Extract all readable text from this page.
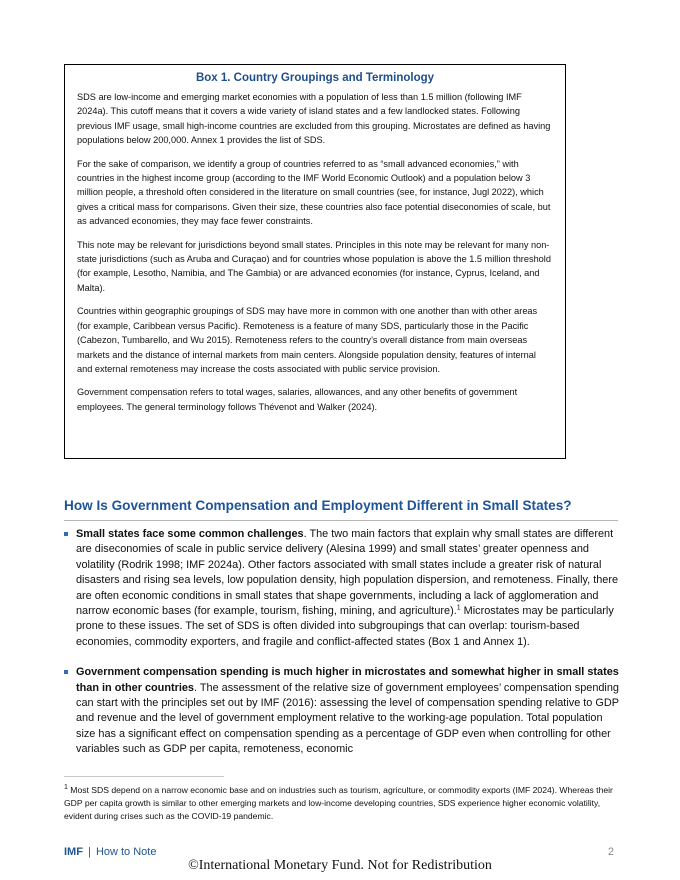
Box 1. Country Groupings and Terminology

SDS are low-income and emerging market economies with a population of less than 1.5 million (following IMF 2024a). This cutoff means that it covers a wide variety of island states and a few landlocked states. Following previous IMF usage, small high-income countries are excluded from this grouping. Microstates are defined as having populations below 200,000. Annex 1 provides the list of SDS.

For the sake of comparison, we identify a group of countries referred to as “small advanced economies,” with countries in the highest income group (according to the IMF World Economic Outlook) and a population below 3 million people, a threshold often considered in the literature on small countries (see, for instance, Jugl 2022), which gives a critical mass for comparisons. Given their size, these countries also face potential diseconomies of scale, but as advanced economies, they may face fewer constraints.

This note may be relevant for jurisdictions beyond small states. Principles in this note may be relevant for many non-state jurisdictions (such as Aruba and Curaçao) and for countries whose population is above the 1.5 million threshold (for example, Lesotho, Namibia, and The Gambia) or are advanced economies (for instance, Cyprus, Iceland, and Malta).

Countries within geographic groupings of SDS may have more in common with one another than with other areas (for example, Caribbean versus Pacific). Remoteness is a feature of many SDS, particularly those in the Pacific (Cabezon, Tumbarello, and Wu 2015). Remoteness refers to the country’s overall distance from main overseas markets and the distance of internal markets from main centers. Alongside population density, features of internal and external remoteness may increase the costs associated with public service provision.

Government compensation refers to total wages, salaries, allowances, and any other benefits of government employees. The general terminology follows Thévenot and Walker (2024).

How Is Government Compensation and Employment Different in Small States?
Small states face some common challenges. The two main factors that explain why small states are different are diseconomies of scale in public service delivery (Alesina 1999) and small states’ greater openness and volatility (Rodrik 1998; IMF 2024a). Other factors associated with small states include a greater risk of natural disasters and rising sea levels, low population density, high population dispersion, and remoteness. Finally, there are often economic conditions in small states that shape governments, including a lack of agglomeration and narrow economic bases (for example, tourism, fishing, mining, and agriculture).$^1$ Microstates may be particularly prone to these issues. The set of SDS is often divided into subgroupings that can overlap: tourism-based economies, commodity exporters, and fragile and conflict-affected states (Box 1 and Annex 1).
Government compensation spending is much higher in microstates and somewhat higher in small states than in other countries. The assessment of the relative size of government employees’ compensation spending can start with the principles set out by IMF (2016): assessing the level of compensation spending relative to GDP and revenue and the level of government employment relative to the working-age population. Total population size has a significant effect on compensation spending as a percentage of GDP even when controlling for other variables such as GDP per capita, remoteness, economic

$^1$ Most SDS depend on a narrow economic base and on industries such as tourism, agriculture, or commodity exports (IMF 2024). Whereas their GDP per capita growth is similar to other emerging markets and low-income developing countries, SDS experience higher economic volatility, evident during crises such as the COVID-19 pandemic.

IMF | How to Note	2
©International Monetary Fund. Not for Redistribution
